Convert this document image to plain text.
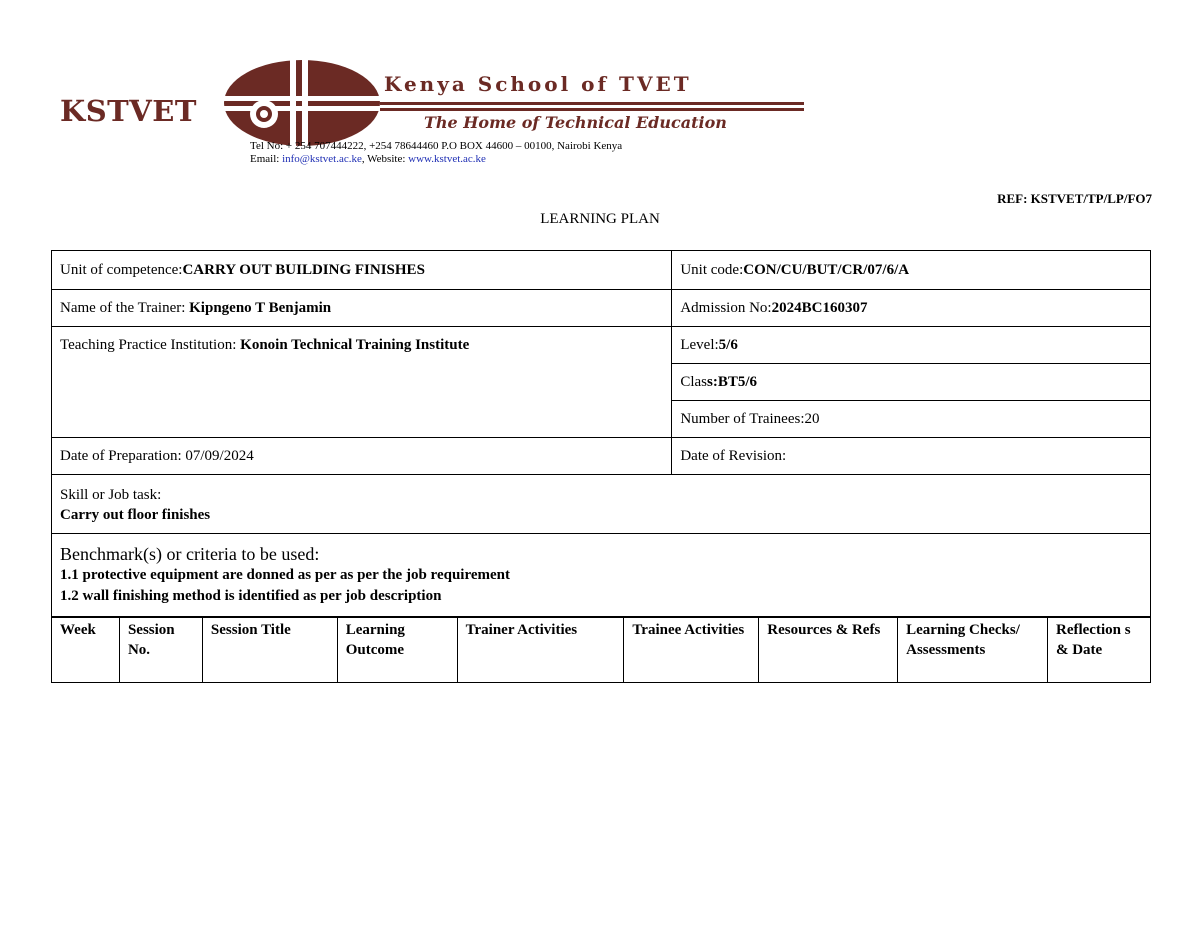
KSTVET
Kenya School of TVET
The Home of Technical Education
Tel No: + 254 707444222, +254 78644460 P.O BOX 44600 – 00100, Nairobi Kenya
Email: info@kstvet.ac.ke, Website: www.kstvet.ac.ke
REF: KSTVET/TP/LP/FO7
LEARNING PLAN
Unit of competence:CARRY OUT BUILDING FINISHES	Unit code:CON/CU/BUT/CR/07/6/A
Name of the Trainer: Kipngeno T Benjamin	Admission No:2024BC160307
Teaching Practice Institution: Konoin Technical Training Institute	Level:5/6
	Class:BT5/6
	Number of Trainees:20
Date of Preparation: 07/09/2024	Date of Revision:

Skill or Job task:
Carry out floor finishes	

Benchmark(s) or criteria to be used:
1.1 protective equipment are donned as per as per the job requirement
1.2 wall finishing method is identified as per job description	
Week	Session No.	Session Title	Learning Outcome	Trainer Activities	Trainee Activities	Resources & Refs	Learning Checks/ Assessments	Reflection s & Date
